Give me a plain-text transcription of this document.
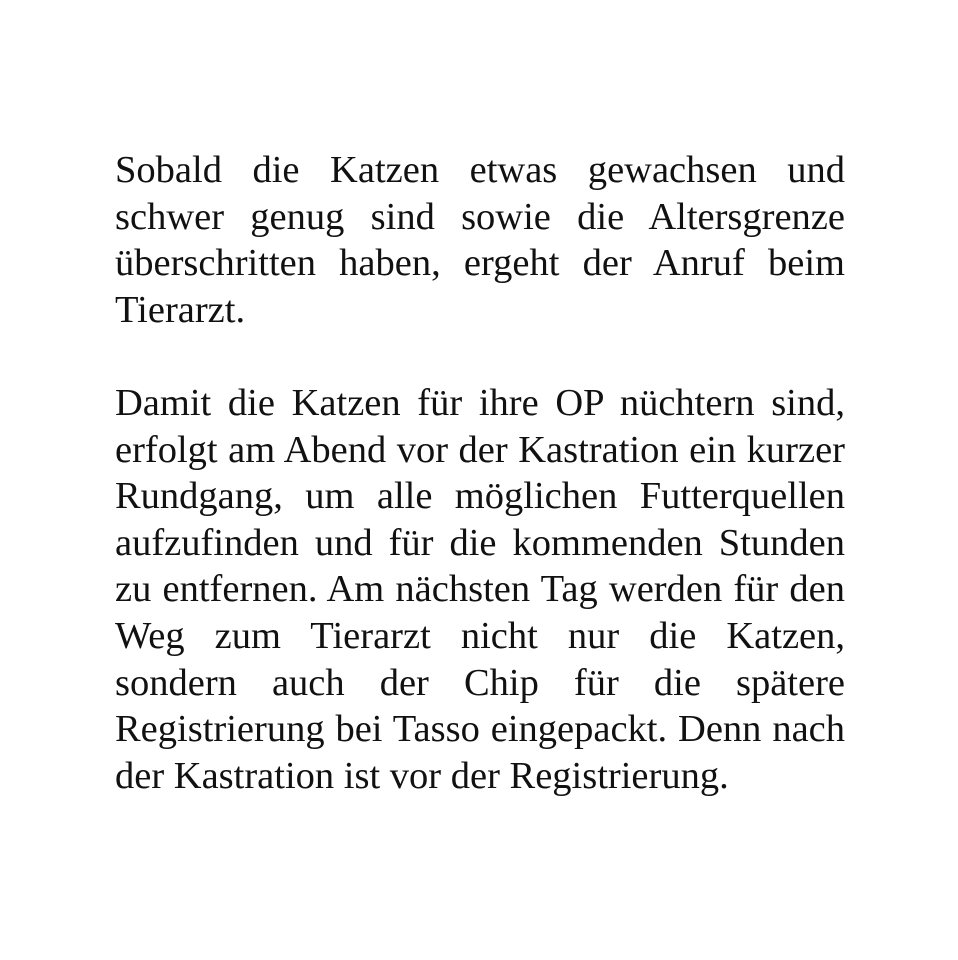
Sobald die Katzen etwas gewachsen und schwer genug sind sowie die Altersgrenze überschritten haben, ergeht der Anruf beim Tierarzt.

Damit die Katzen für ihre OP nüchtern sind, erfolgt am Abend vor der Kastration ein kurzer Rundgang, um alle möglichen Futterquellen aufzufinden und für die kommenden Stunden zu entfernen. Am nächsten Tag werden für den Weg zum Tierarzt nicht nur die Katzen, sondern auch der Chip für die spätere Registrierung bei Tasso eingepackt. Denn nach der Kastration ist vor der Registrierung.
